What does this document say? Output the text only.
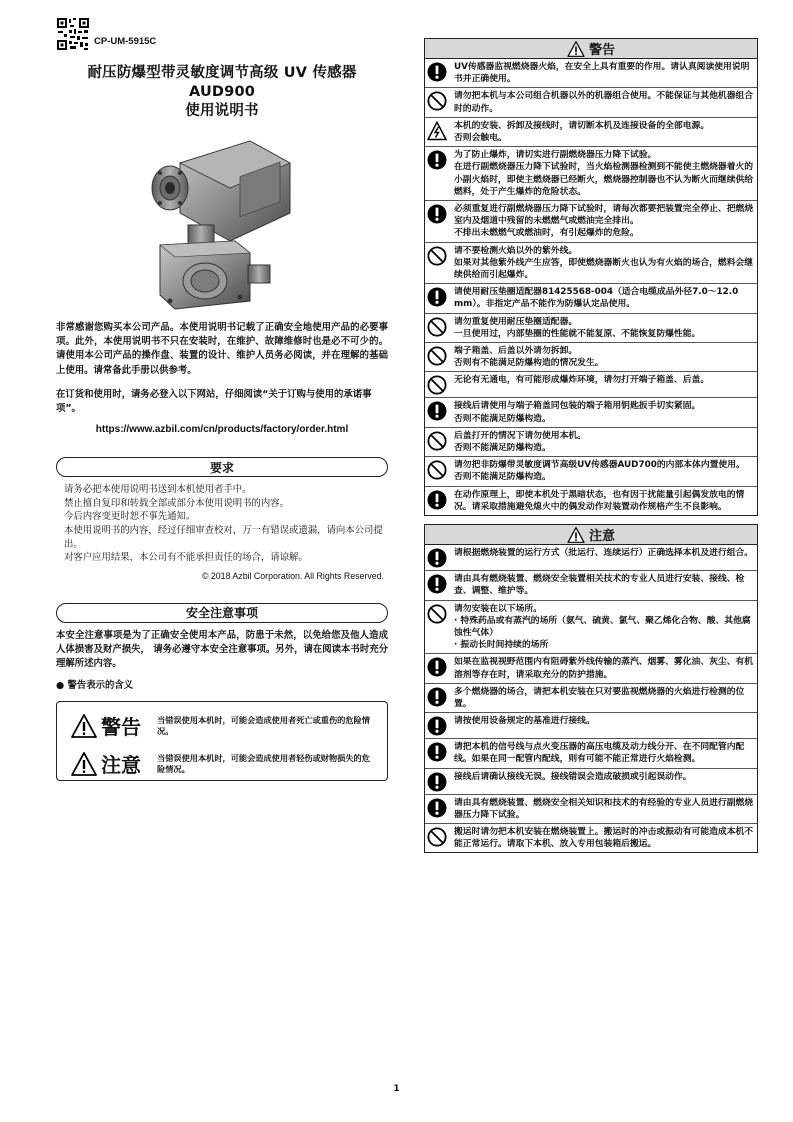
CP-UM-5915C
耐压防爆型带灵敏度调节高级 UV 传感器
AUD900
使用说明书
非常感谢您购买本公司产品。本使用说明书记载了正确安全地使用产品的必要事项。此外，本使用说明书不只在安装时，在维护、故障维修时也是必不可少的。请使用本公司产品的操作盘、装置的设计、维护人员务必阅读，并在理解的基础上使用。请常备此手册以供参考。
在订货和使用时，请务必登入以下网站，仔细阅读“关于订购与使用的承诺事项”。
https://www.azbil.com/cn/products/factory/order.html
要求
请务必把本使用说明书送到本机使用者手中。
禁止擅自复印和转载全部或部分本使用说明书的内容。
今后内容变更时恕不事先通知。
本使用说明书的内容，经过仔细审查校对，万一有错误或遗漏，请向本公司提出。
对客户应用结果，本公司有不能承担责任的场合，请谅解。
© 2018 Azbil Corporation. All Rights Reserved.
安全注意事项
本安全注意事项是为了正确安全使用本产品，防患于未然，以免给您及他人造成人体损害及财产损失， 请务必遵守本安全注意事项。另外，请在阅读本书时充分理解所述内容。
● 警告表示的含义
警告	当错误使用本机时，可能会造成使用者死亡或重伤的危险情况。
注意	当错误使用本机时，可能会造成使用者轻伤或财物损失的危险情况。
警告
UV传感器监视燃烧器火焰，在安全上具有重要的作用。请认真阅读使用说明书并正确使用。
请勿把本机与本公司组合机器以外的机器组合使用。不能保证与其他机器组合时的动作。
本机的安装、拆卸及接线时，请切断本机及连接设备的全部电源。
否则会触电。
为了防止爆炸，请切实进行副燃烧器压力降下试验。
在进行副燃烧器压力降下试验时，当火焰检测器检测到不能使主燃烧器着火的小副火焰时，即使主燃烧器已经断火，燃烧器控制器也不认为断火而继续供给燃料，处于产生爆炸的危险状态。
必须重复进行副燃烧器压力降下试验时，请每次都要把装置完全停止、把燃烧室内及烟道中残留的未燃燃气或燃油完全排出。
不排出未燃燃气或燃油时，有引起爆炸的危险。
请不要检测火焰以外的紫外线。
如果对其他紫外线产生应答，即使燃烧器断火也认为有火焰的场合，燃料会继续供给而引起爆炸。
请使用耐压垫圈适配器81425568-004（适合电缆成品外径7.0～12.0 mm）。非指定产品不能作为防爆认定品使用。
请勿重复使用耐压垫圈适配器。
一旦使用过，内部垫圈的性能就不能复原、不能恢复防爆性能。
端子箱盖、后盖以外请勿拆卸。
否则有不能满足防爆构造的情况发生。
无论有无通电，有可能形成爆炸环境，请勿打开端子箱盖、后盖。
接线后请使用与端子箱盖同包装的端子箱用钥匙扳手切实紧固。
否则不能满足防爆构造。
后盖打开的情况下请勿使用本机。
否则不能满足防爆构造。
请勿把非防爆带灵敏度调节高级UV传感器AUD700的内部本体内置使用。
否则不能满足防爆构造。
在动作原理上，即使本机处于黑暗状态，也有因干扰能量引起偶发放电的情况。请采取措施避免熄火中的偶发动作对装置动作规格产生不良影响。
注意
请根据燃烧装置的运行方式（批运行、连续运行）正确选择本机及进行组合。
请由具有燃烧装置、燃烧安全装置相关技术的专业人员进行安装、接线、检查、调整、维护等。
请勿安装在以下场所。
· 特殊药品或有蒸汽的场所（氨气、硫黄、氯气、聚乙烯化合物、酸、其他腐蚀性气体）
· 振动长时间持续的场所
如果在监视视野范围内有阻碍紫外线传输的蒸汽、烟雾、雾化油、灰尘、有机溶剂等存在时，请采取充分的防护措施。
多个燃烧器的场合，请把本机安装在只对要监视燃烧器的火焰进行检测的位置。
请按使用设备规定的基准进行接线。

请把本机的信号线与点火变压器的高压电缆及动力线分开、在不同配管内配线。如果在同一配管内配线，则有可能不能正常进行火焰检测。
接线后请确认接线无误。接线错误会造成破损或引起误动作。

请由具有燃烧装置、燃烧安全相关知识和技术的有经验的专业人员进行副燃烧器压力降下试验。
搬运时请勿把本机安装在燃烧装置上。搬运时的冲击或振动有可能造成本机不能正常运行。请取下本机、放入专用包装箱后搬运。
1
